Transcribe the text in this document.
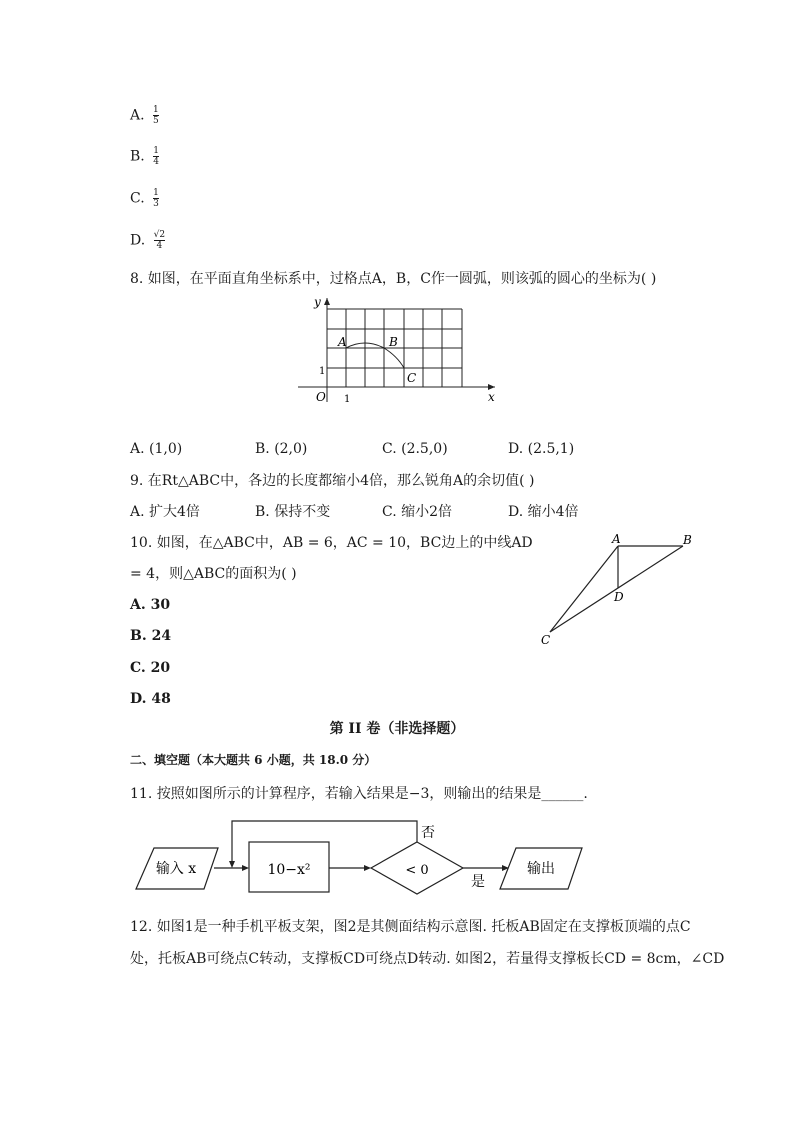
A. $\frac{1}{5}$
B. $\frac{1}{4}$
C. $\frac{1}{3}$
D. $\frac{√2}{4}$
8. 如图，在平面直角坐标系中，过格点A，B，C作一圆弧，则该弧的圆心的坐标为( )
y
x
O 1
1
A	B
C
A. (1,0)	B. (2,0)	C. (2.5,0)	D. (2.5,1)
9. 在Rt△ABC中，各边的长度都缩小4倍，那么锐角A的余切值( )
A. 扩大4倍	B. 保持不变	C. 缩小2倍	D. 缩小4倍
10. 如图，在△ABC中，AB = 6，AC = 10，BC边上的中线AD
= 4，则△ABC的面积为( )
A. 30
B. 24
C. 20
D. 48
A	B
C
D
第 II 卷（非选择题）
二、填空题（本大题共 6 小题，共 18.0 分）
11. 按照如图所示的计算程序，若输入结果是−3，则输出的结果是______.
输入 x	10−x²	< 0
否
是
输出
12. 如图1是一种手机平板支架，图2是其侧面结构示意图. 托板AB固定在支撑板顶端的点C
处，托板AB可绕点C转动，支撑板CD可绕点D转动. 如图2，若量得支撑板长CD = 8cm，∠CD
